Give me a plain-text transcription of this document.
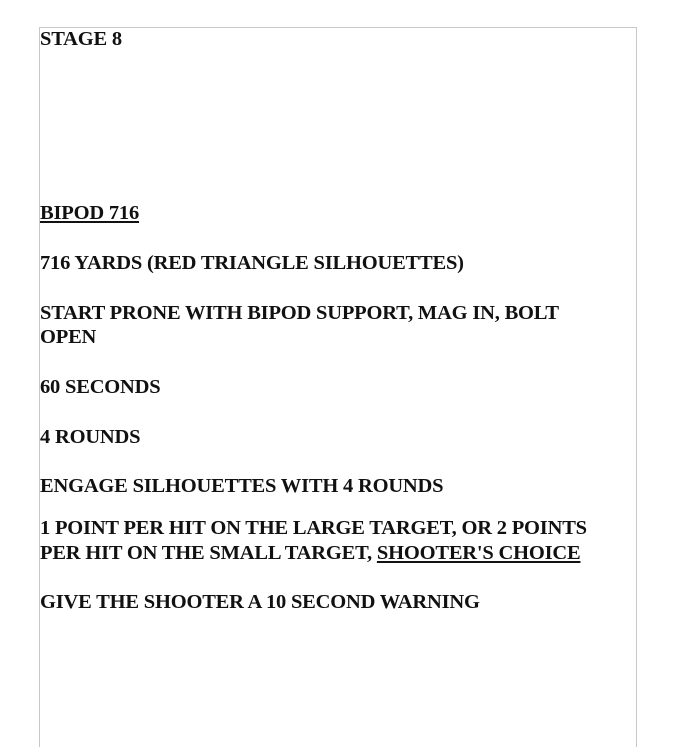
STAGE 8
BIPOD 716
716 YARDS (RED TRIANGLE SILHOUETTES)
START PRONE WITH BIPOD SUPPORT, MAG IN, BOLT
OPEN
60 SECONDS
4 ROUNDS
ENGAGE SILHOUETTES WITH 4 ROUNDS
1 POINT PER HIT ON THE LARGE TARGET, OR 2 POINTS
PER HIT ON THE SMALL TARGET, SHOOTER'S CHOICE
GIVE THE SHOOTER A 10 SECOND WARNING
